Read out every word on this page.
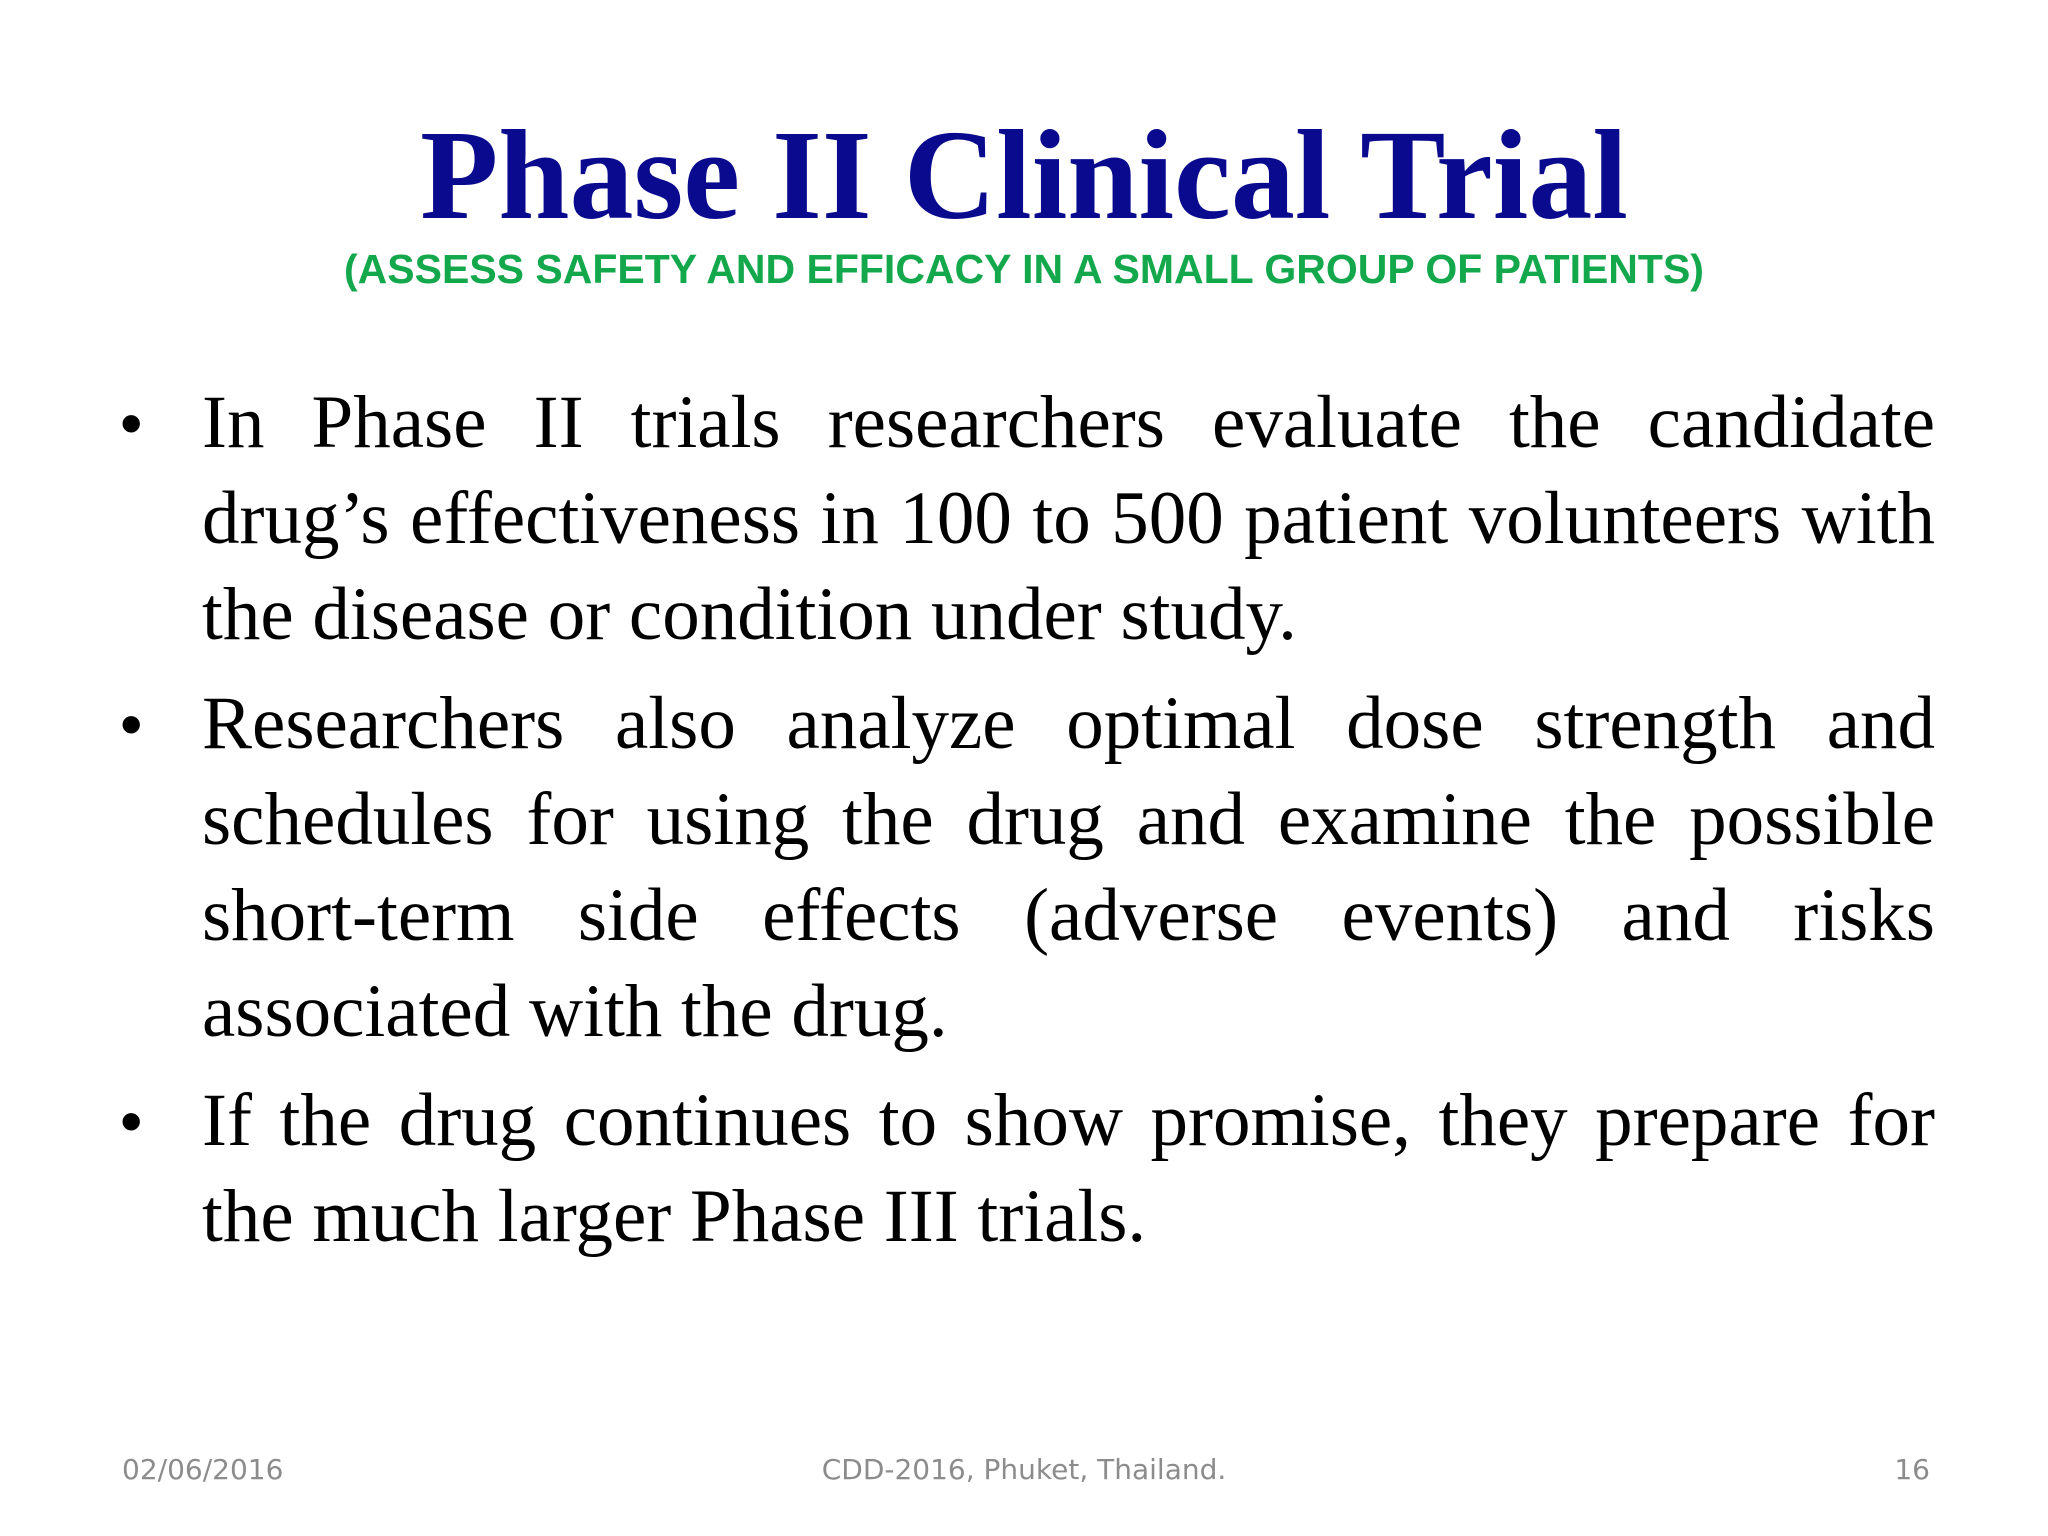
Phase II Clinical Trial
(ASSESS SAFETY AND EFFICACY IN A SMALL GROUP OF PATIENTS)
• In Phase II trials researchers evaluate the candidate drug’s effectiveness in 100 to 500 patient volunteers with the disease or condition under study.
• Researchers also analyze optimal dose strength and schedules for using the drug and examine the possible short-term side effects (adverse events) and risks associated with the drug.
• If the drug continues to show promise, they prepare for the much larger Phase III trials.
02/06/2016	CDD-2016, Phuket, Thailand.	16
